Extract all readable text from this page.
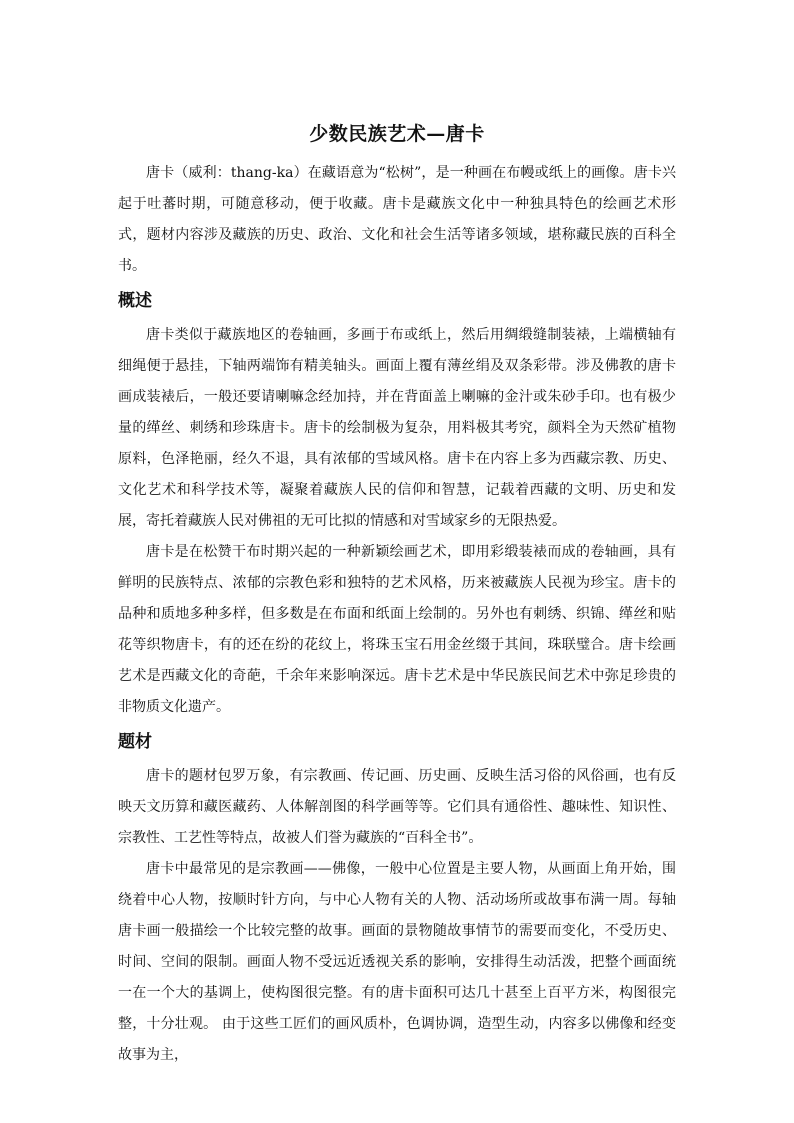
少数民族艺术—唐卡

唐卡（威利：thang-ka）在藏语意为“松树”，是一种画在布幔或纸上的画像。唐卡兴起于吐蕃时期，可随意移动，便于收藏。唐卡是藏族文化中一种独具特色的绘画艺术形式，题材内容涉及藏族的历史、政治、文化和社会生活等诸多领域，堪称藏民族的百科全书。

概述

唐卡类似于藏族地区的卷轴画，多画于布或纸上，然后用绸缎缝制装裱，上端横轴有细绳便于悬挂，下轴两端饰有精美轴头。画面上覆有薄丝绢及双条彩带。涉及佛教的唐卡画成装裱后，一般还要请喇嘛念经加持，并在背面盖上喇嘛的金汁或朱砂手印。也有极少量的缂丝、刺绣和珍珠唐卡。唐卡的绘制极为复杂，用料极其考究，颜料全为天然矿植物原料，色泽艳丽，经久不退，具有浓郁的雪域风格。唐卡在内容上多为西藏宗教、历史、文化艺术和科学技术等，凝聚着藏族人民的信仰和智慧，记载着西藏的文明、历史和发展，寄托着藏族人民对佛祖的无可比拟的情感和对雪域家乡的无限热爱。

唐卡是在松赞干布时期兴起的一种新颖绘画艺术，即用彩缎装裱而成的卷轴画，具有鲜明的民族特点、浓郁的宗教色彩和独特的艺术风格，历来被藏族人民视为珍宝。唐卡的品种和质地多种多样，但多数是在布面和纸面上绘制的。另外也有刺绣、织锦、缂丝和贴花等织物唐卡，有的还在纷的花纹上，将珠玉宝石用金丝缀于其间，珠联璧合。唐卡绘画艺术是西藏文化的奇葩，千余年来影响深远。唐卡艺术是中华民族民间艺术中弥足珍贵的非物质文化遗产。

题材

唐卡的题材包罗万象，有宗教画、传记画、历史画、反映生活习俗的风俗画，也有反映天文历算和藏医藏药、人体解剖图的科学画等等。它们具有通俗性、趣味性、知识性、宗教性、工艺性等特点，故被人们誉为藏族的“百科全书”。

唐卡中最常见的是宗教画——佛像，一般中心位置是主要人物，从画面上角开始，围绕着中心人物，按顺时针方向，与中心人物有关的人物、活动场所或故事布满一周。每轴唐卡画一般描绘一个比较完整的故事。画面的景物随故事情节的需要而变化，不受历史、时间、空间的限制。画面人物不受远近透视关系的影响，安排得生动活泼，把整个画面统一在一个大的基调上，使构图很完整。有的唐卡面积可达几十甚至上百平方米，构图很完整，十分壮观。 由于这些工匠们的画风质朴，色调协调，造型生动，内容多以佛像和经变故事为主，
